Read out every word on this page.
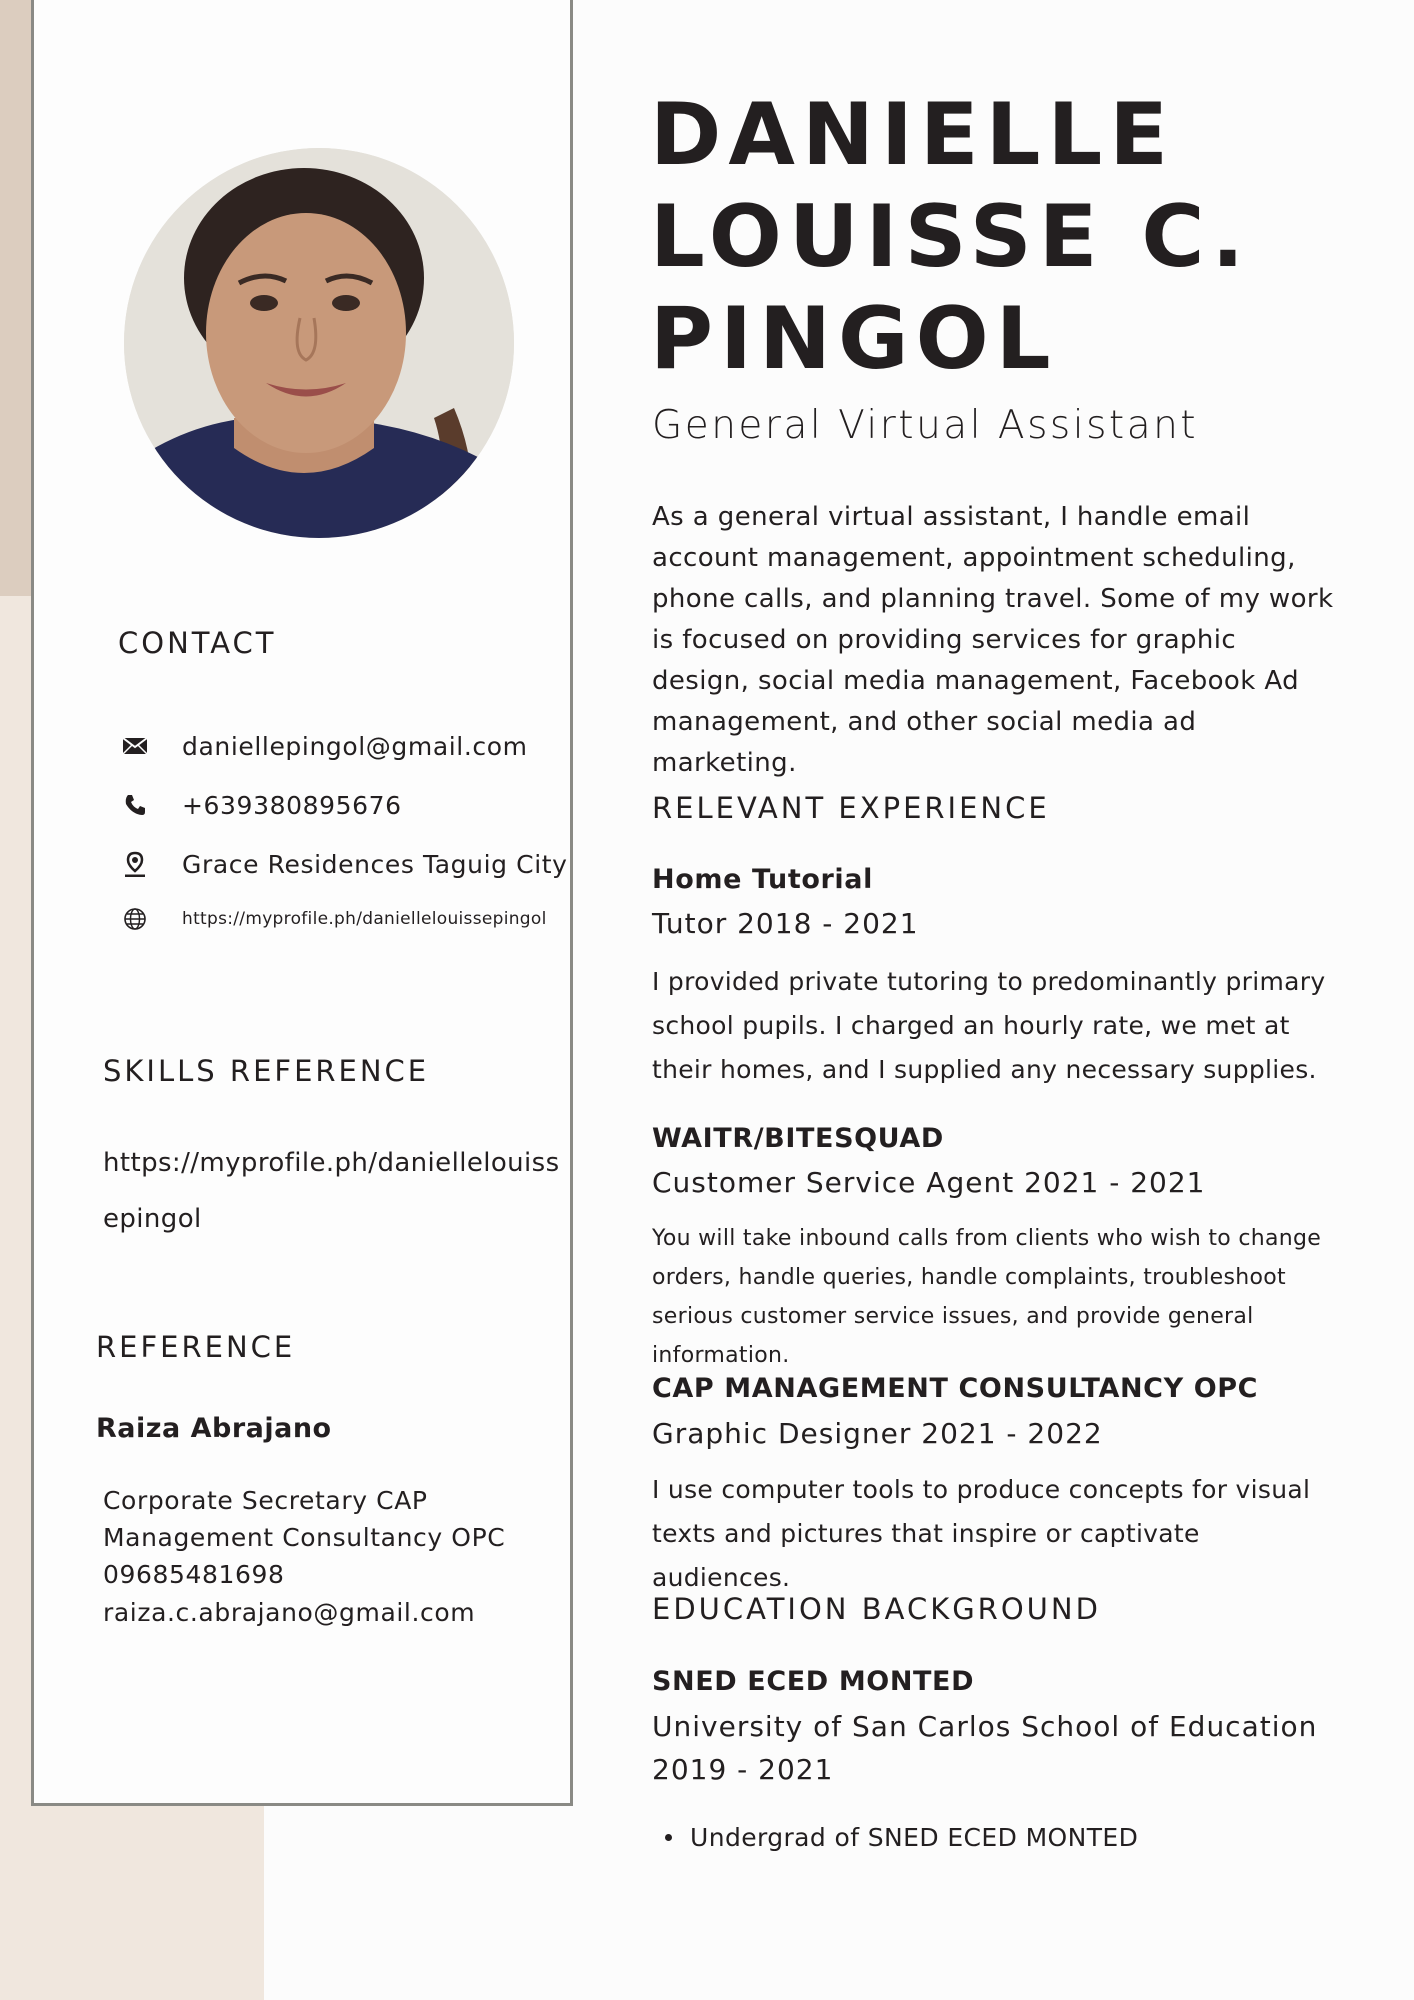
CONTACT
daniellepingol@gmail.com
+639380895676
Grace Residences Taguig City
https://myprofile.ph/daniellelouissepingol
SKILLS REFERENCE
https://myprofile.ph/daniellelouissepingol
REFERENCE
Raiza Abrajano
Corporate Secretary CAP
Management Consultancy OPC
09685481698
raiza.c.abrajano@gmail.com
DANIELLE
LOUISSE C.
PINGOL
General Virtual Assistant
As a general virtual assistant, I handle email account management, appointment scheduling, phone calls, and planning travel. Some of my work is focused on providing services for graphic design, social media management, Facebook Ad management, and other social media ad marketing.
RELEVANT EXPERIENCE
Home Tutorial
Tutor 2018 - 2021
I provided private tutoring to predominantly primary school pupils. I charged an hourly rate, we met at their homes, and I supplied any necessary supplies.
WAITR/BITESQUAD
Customer Service Agent 2021 - 2021
You will take inbound calls from clients who wish to change orders, handle queries, handle complaints, troubleshoot serious customer service issues, and provide general information.
CAP MANAGEMENT CONSULTANCY OPC
Graphic Designer 2021 - 2022
I use computer tools to produce concepts for visual texts and pictures that inspire or captivate audiences.
EDUCATION BACKGROUND
SNED ECED MONTED
University of San Carlos School of Education
2019 - 2021
Undergrad of SNED ECED MONTED
